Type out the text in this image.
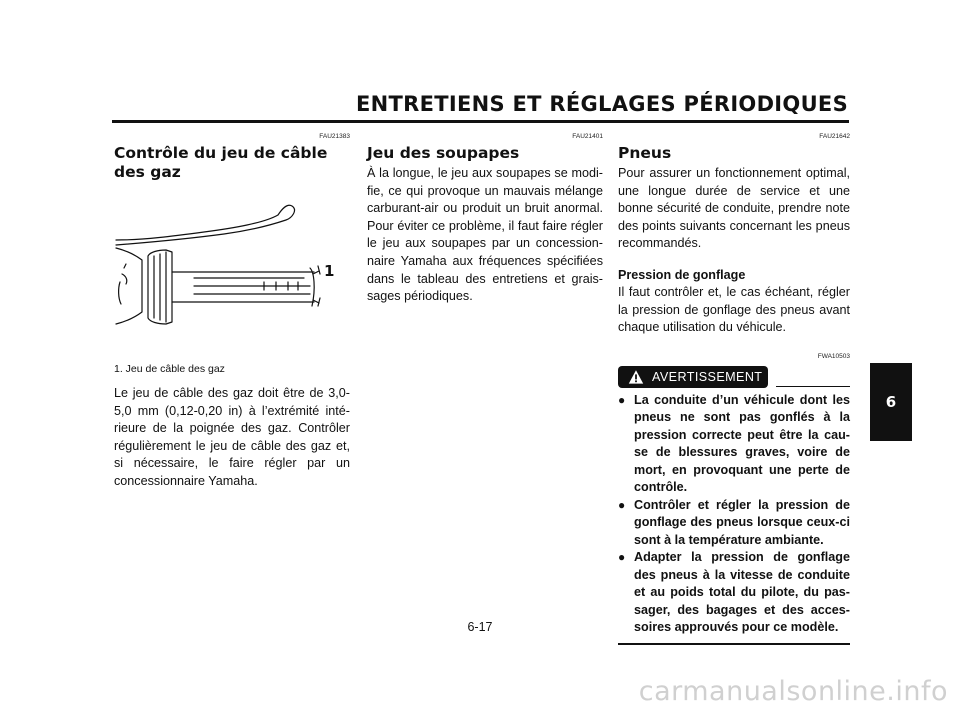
ENTRETIENS ET RÉGLAGES PÉRIODIQUES

FAU21383

Contrôle du jeu de câble des gaz
1

1. Jeu de câble des gaz

Le jeu de câble des gaz doit être de 3,0-5,0 mm (0,12-0,20 in) à l’extrémité inté-rieure de la poignée des gaz. Contrôler régulièrement le jeu de câble des gaz et, si nécessaire, le faire régler par un concessionnaire Yamaha.

FAU21401

Jeu des soupapes

À la longue, le jeu aux soupapes se modi-fie, ce qui provoque un mauvais mélange carburant-air ou produit un bruit anormal. Pour éviter ce problème, il faut faire régler le jeu aux soupapes par un concession-naire Yamaha aux fréquences spécifiées dans le tableau des entretiens et grais-sages périodiques.

FAU21642

Pneus

Pour assurer un fonctionnement optimal, une longue durée de service et une bonne sécurité de conduite, prendre note des points suivants concernant les pneus recommandés.

Pression de gonflage

Il faut contrôler et, le cas échéant, régler la pression de gonflage des pneus avant chaque utilisation du véhicule.

FWA10503

AVERTISSEMENT
● La conduite d’un véhicule dont les pneus ne sont pas gonflés à la pression correcte peut être la cau-se de blessures graves, voire de mort, en provoquant une perte de contrôle.
● Contrôler et régler la pression de gonflage des pneus lorsque ceux-ci sont à la température ambiante.
● Adapter la pression de gonflage des pneus à la vitesse de conduite et au poids total du pilote, du pas-sager, des bagages et des acces-soires approuvés pour ce modèle.
6
6-17
carmanualsonline.info
